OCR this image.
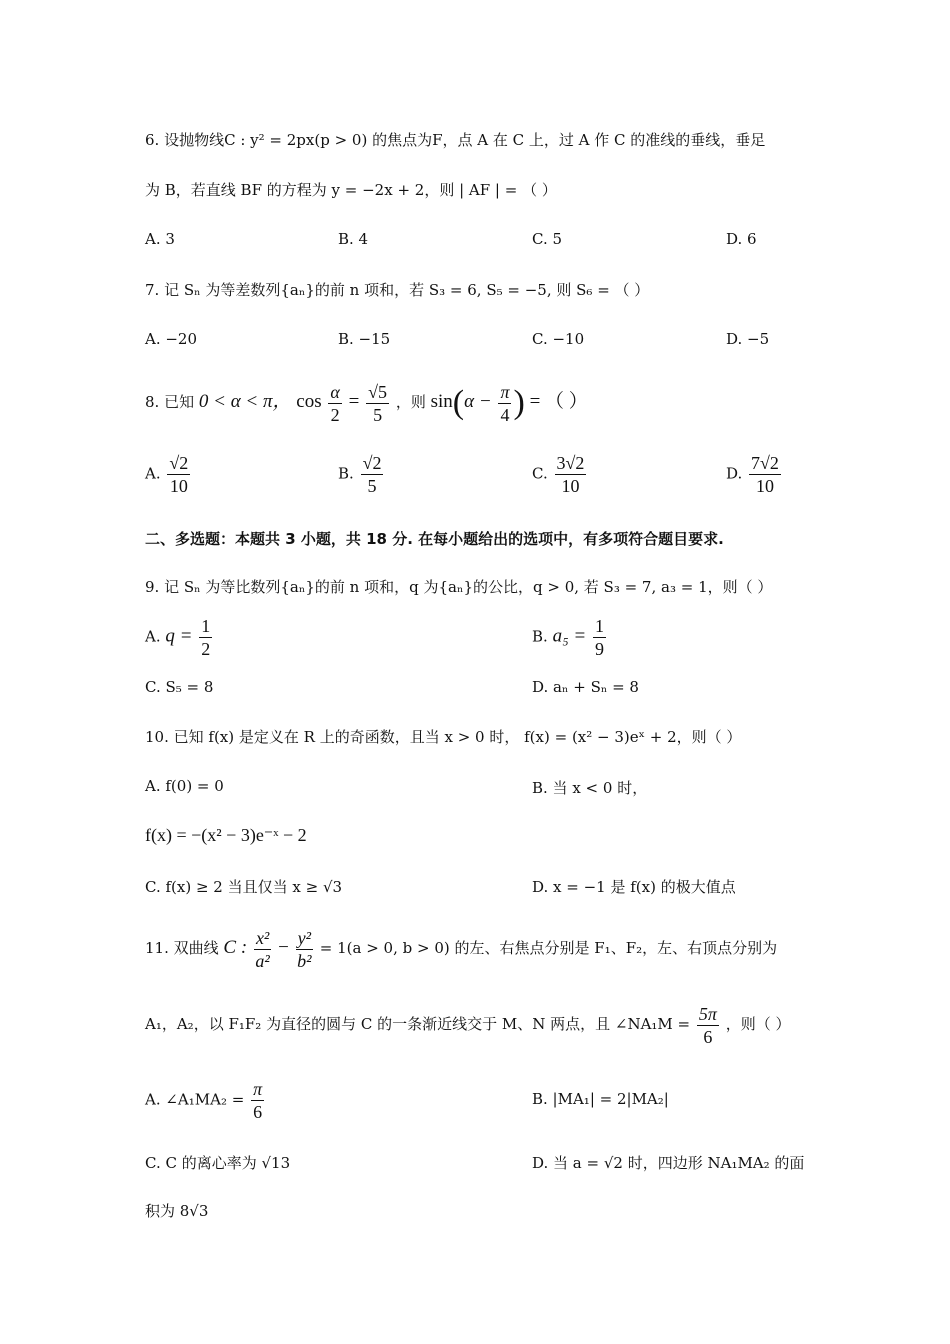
6. 设抛物线C : y² = 2px(p > 0) 的焦点为F，点 A 在 C 上，过 A 作 C 的准线的垂线，垂足
为 B，若直线 BF 的方程为 y = −2x + 2，则 | AF | = （ ）
A. 3	B. 4	C. 5	D. 6
7. 记 Sₙ 为等差数列{aₙ}的前 n 项和，若 S₃ = 6, S₅ = −5, 则 S₆ = （ ）
A. −20	B. −15	C. −10	D. −5
8. 已知 0 < α < π， $\cos \frac{\alpha}{2} = \frac{√5}{5}$ ，则 $\sin(\alpha - \frac{\pi}{4}$ ) = （ ）
A. $\frac{√2}{10}$	B. $\frac{√2}{5}$	C. $\frac{3√2}{10}$	D. $\frac{7√2}{10}$
二、多选题：本题共 3 小题，共 18 分. 在每小题给出的选项中，有多项符合题目要求.
9. 记 Sₙ 为等比数列{aₙ}的前 n 项和，q 为{aₙ}的公比，q > 0, 若 S₃ = 7, a₃ = 1，则（ ）
A. $q = \frac{1}{2}$	B. $a_5 = \frac{1}{9}$
C. S₅ = 8	D. aₙ + Sₙ = 8
10. 已知 f(x) 是定义在 R 上的奇函数，且当 x > 0 时， f(x) = (x² − 3)eˣ + 2，则（ ）
A. f(0) = 0	B. 当 x < 0 时，
f(x) = −(x² − 3)e⁻ˣ − 2
C. f(x) ≥ 2 当且仅当 x ≥ √3	D. x = −1 是 f(x) 的极大值点
11. 双曲线 C : $\frac{\text{x²}}{\text{a²}} - \frac{\text{y²}}{\text{b²}} = 1(a > 0$, b > 0) 的左、右焦点分别是 F₁、F₂，左、右顶点分别为
A₁，A₂，以 F₁F₂ 为直径的圆与 C 的一条渐近线交于 M、N 两点，且 ∠NA₁M = $\frac{5\pi}{6}$ ，则（ ）
A. ∠A₁MA₂ = $\frac{\pi}{6}$	B. |MA₁| = 2|MA₂|
C. C 的离心率为 √13	D. 当 a = √2 时，四边形 NA₁MA₂ 的面
积为 8√3
